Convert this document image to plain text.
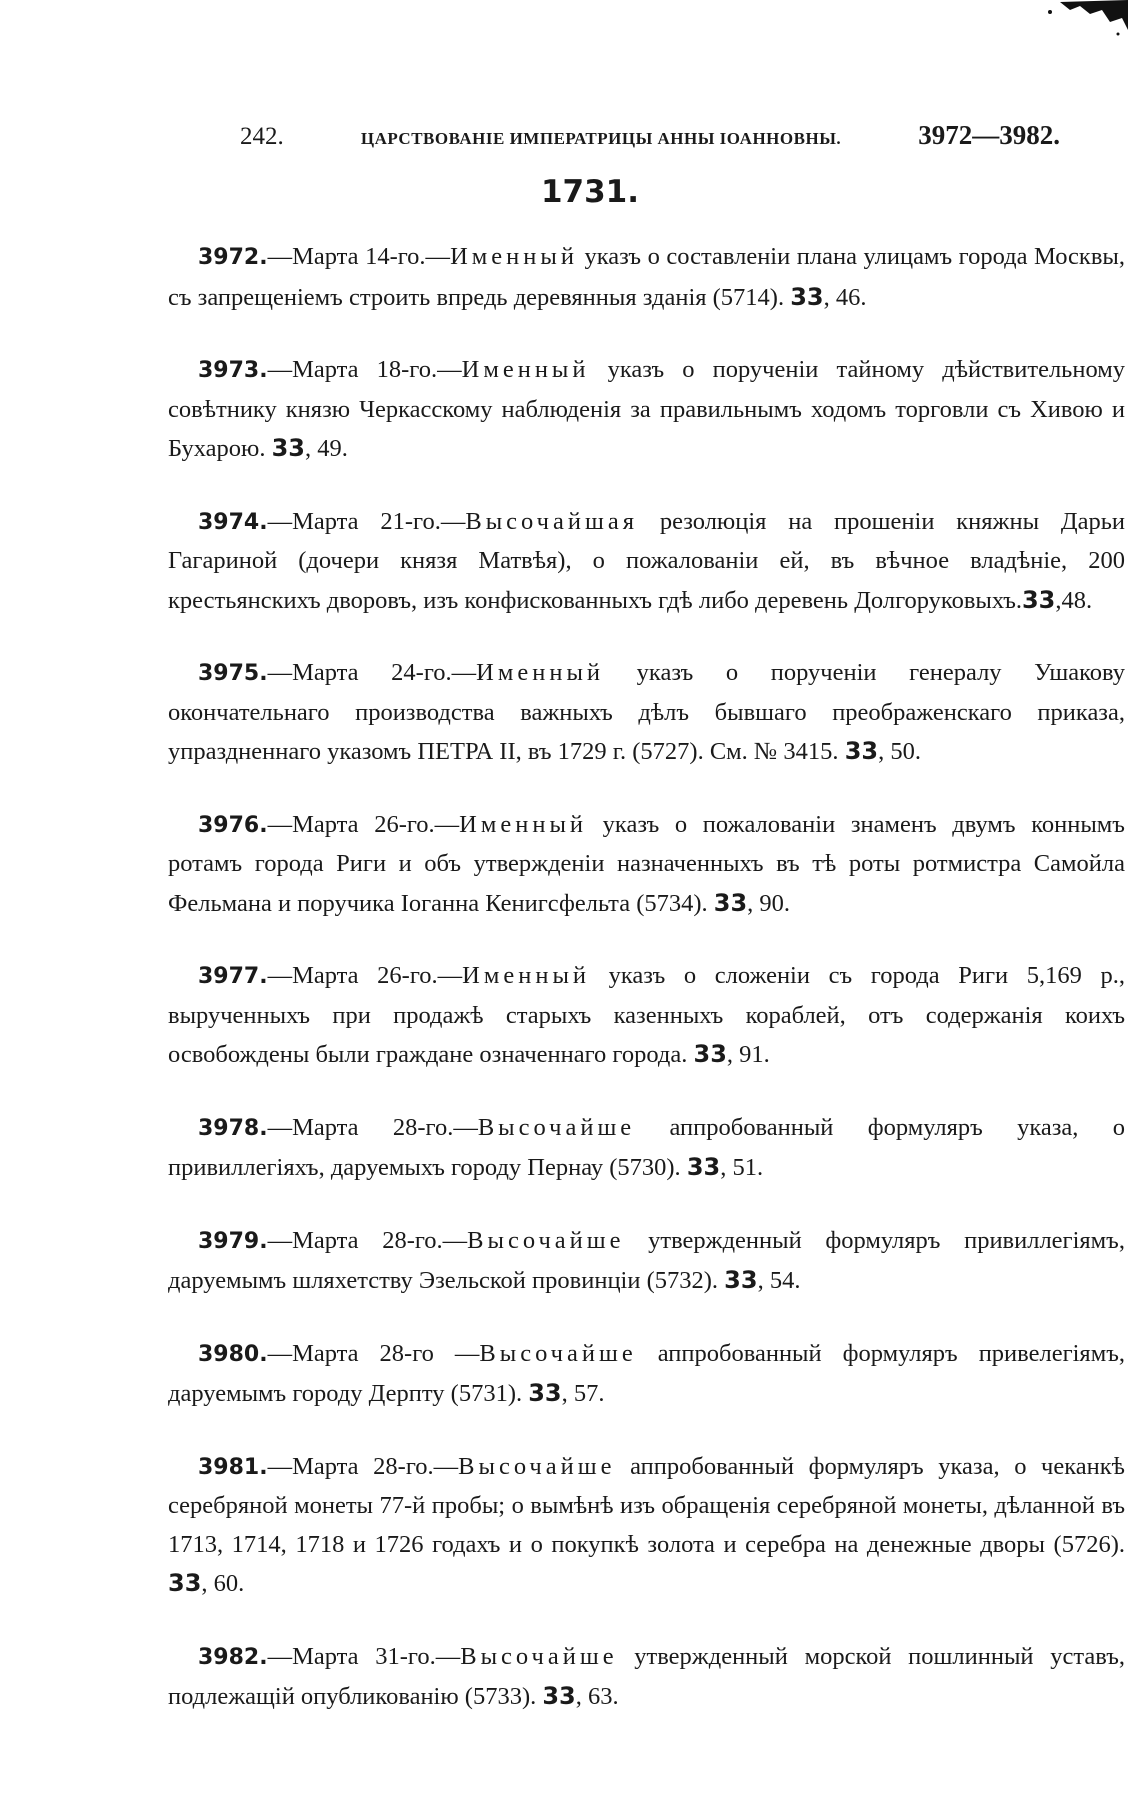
242.	ЦАРСТВОВАНІЕ ИМПЕРАТРИЦЫ АННЫ ІОАННОВНЫ.	3972—3982.
1731.

3972.—Марта 14-го.—Именный указъ о составленіи плана улицамъ города Москвы, съ запрещеніемъ строить впредь деревянныя зданія (5714). 33, 46.

3973.—Марта 18-го.—Именный указъ о порученіи тайному дѣйствительному совѣтнику князю Черкасскому наблюденія за правильнымъ ходомъ торговли съ Хивою и Бухарою. 33, 49.

3974.—Марта 21-го.—Высочайшая резолюція на прошеніи княжны Дарьи Гагариной (дочери князя Матвѣя), о пожалованіи ей, въ вѣчное владѣніе, 200 крестьянскихъ дворовъ, изъ конфискованныхъ гдѣ либо деревень Долгоруковыхъ.33,48.

3975.—Марта 24-го.—Именный указъ о порученіи генералу Ушакову окончательнаго производства важныхъ дѣлъ бывшаго преображенскаго приказа, упраздненнаго указомъ ПЕТРА II, въ 1729 г. (5727). См. № 3415. 33, 50.

3976.—Марта 26-го.—Именный указъ о пожалованіи знаменъ двумъ коннымъ ротамъ города Риги и объ утвержденіи назначенныхъ въ тѣ роты ротмистра Самойла Фельмана и поручика Іоганна Кенигсфельта (5734). 33, 90.

3977.—Марта 26-го.—Именный указъ о сложеніи съ города Риги 5,169 р., вырученныхъ при продажѣ старыхъ казенныхъ кораблей, отъ содержанія коихъ освобождены были граждане означеннаго города. 33, 91.

3978.—Марта 28-го.—Высочайше аппробованный формуляръ указа, о привиллегіяхъ, даруемыхъ городу Пернау (5730). 33, 51.

3979.—Марта 28-го.—Высочайше утвержденный формуляръ привиллегіямъ, даруемымъ шляхетству Эзельской провинціи (5732). 33, 54.

3980.—Марта 28-го —Высочайше аппробованный формуляръ привелегіямъ, даруемымъ городу Дерпту (5731). 33, 57.

3981.—Марта 28-го.—Высочайше аппробованный формуляръ указа, о чеканкѣ серебряной монеты 77-й пробы; о вымѣнѣ изъ обращенія серебряной монеты, дѣланной въ 1713, 1714, 1718 и 1726 годахъ и о покупкѣ золота и серебра на денежные дворы (5726). 33, 60.

3982.—Марта 31-го.—Высочайше утвержденный морской пошлинный уставъ, подлежащій опубликованію (5733). 33, 63.
